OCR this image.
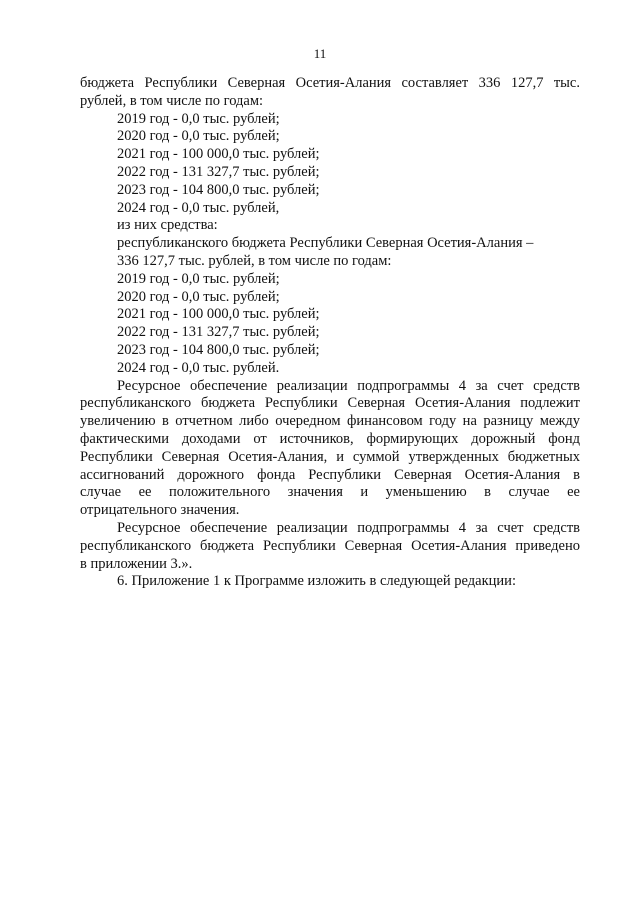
11
бюджета Республики Северная Осетия-Алания составляет 336 127,7 тыс.
рублей, в том числе по годам:
2019 год - 0,0 тыс. рублей;
2020 год - 0,0 тыс. рублей;
2021 год - 100 000,0 тыс. рублей;
2022 год - 131 327,7 тыс. рублей;
2023 год - 104 800,0 тыс. рублей;
2024 год - 0,0 тыс. рублей,
из них средства:
республиканского бюджета Республики Северная Осетия-Алания –
336 127,7 тыс. рублей, в том числе по годам:
2019 год - 0,0 тыс. рублей;
2020 год - 0,0 тыс. рублей;
2021 год - 100 000,0 тыс. рублей;
2022 год - 131 327,7 тыс. рублей;
2023 год - 104 800,0 тыс. рублей;
2024 год - 0,0 тыс. рублей.
Ресурсное обеспечение реализации подпрограммы 4 за счет средств
республиканского бюджета Республики Северная Осетия-Алания подлежит
увеличению в отчетном либо очередном финансовом году на разницу между
фактическими доходами от источников, формирующих дорожный фонд
Республики Северная Осетия-Алания, и суммой утвержденных бюджетных
ассигнований дорожного фонда Республики Северная Осетия-Алания в
случае ее положительного значения и уменьшению в случае ее
отрицательного значения.
Ресурсное обеспечение реализации подпрограммы 4 за счет средств
республиканского бюджета Республики Северная Осетия-Алания приведено
в приложении 3.».
6. Приложение 1 к Программе изложить в следующей редакции:
